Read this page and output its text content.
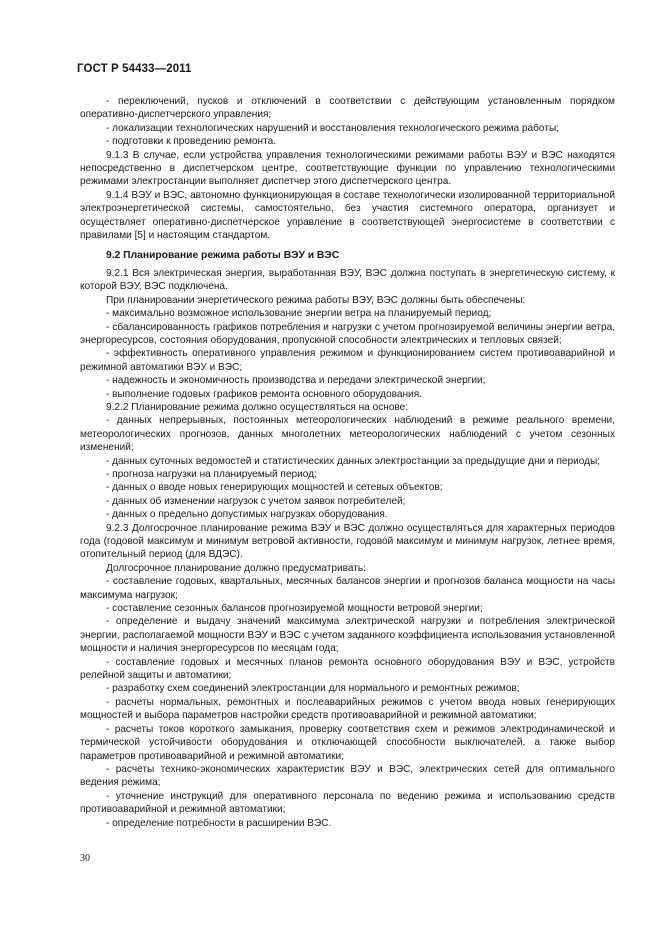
ГОСТ Р 54433—2011

- переключений, пусков и отключений в соответствии с действующим установленным порядком оперативно-диспетчерского управления;

- локализации технологических нарушений и восстановления технологического режима работы;

- подготовки к проведению ремонта.

9.1.3 В случае, если устройства управления технологическими режимами работы ВЭУ и ВЭС находятся непосредственно в диспетчерском центре, соответствующие функции по управлению технологическими режимами электростанции выполняет диспетчер этого диспетчерского центра.

9.1.4 ВЭУ и ВЭС, автономно функционирующая в составе технологически изолированной территориальной электроэнергетической системы, самостоятельно, без участия системного оператора, организует и осуществляет оперативно-диспетчерское управление в соответствующей энергосистеме в соответствии с правилами [5] и настоящим стандартом.

9.2 Планирование режима работы ВЭУ и ВЭС

9.2.1 Вся электрическая энергия, выработанная ВЭУ, ВЭС должна поступать в энергетическую систему, к которой ВЭУ, ВЭС подключена.

При планировании энергетического режима работы ВЭУ, ВЭС должны быть обеспечены:

- максимально возможное использование энергии ветра на планируемый период;

- сбалансированность графиков потребления и нагрузки с учетом прогнозируемой величины энергии ветра, энергоресурсов, состояния оборудования, пропускной способности электрических и тепловых связей;

- эффективность оперативного управления режимом и функционированием систем противоаварийной и режимной автоматики ВЭУ и ВЭС;

- надежность и экономичность производства и передачи электрической энергии;

- выполнение годовых графиков ремонта основного оборудования.

9.2.2 Планирование режима должно осуществляться на основе:

- данных непрерывных, постоянных метеорологических наблюдений в режиме реального времени, метеорологических прогнозов, данных многолетних метеорологических наблюдений с учетом сезонных изменений;

- данных суточных ведомостей и статистических данных электростанции за предыдущие дни и периоды;

- прогноза нагрузки на планируемый период;

- данных о вводе новых генерирующих мощностей и сетевых объектов;

- данных об изменении нагрузок с учетом заявок потребителей;

- данных о предельно допустимых нагрузках оборудования.

9.2.3 Долгосрочное планирование режима ВЭУ и ВЭС должно осуществляться для характерных периодов года (годовой максимум и минимум ветровой активности, годовой максимум и минимум нагрузок, летнее время, отопительный период (для ВДЭС).

Долгосрочное планирование должно предусматривать:

- составление годовых, квартальных, месячных балансов энергии и прогнозов баланса мощности на часы максимума нагрузок;

- составление сезонных балансов прогнозируемой мощности ветровой энергии;

- определение и выдачу значений максимума электрической нагрузки и потребления электрической энергии, располагаемой мощности ВЭУ и ВЭС с учетом заданного коэффициента использования установленной мощности и наличия энергоресурсов по месяцам года;

- составление годовых и месячных планов ремонта основного оборудования ВЭУ и ВЭС, устройств релейной защиты и автоматики;

- разработку схем соединений электростанции для нормального и ремонтных режимов;

- расчеты нормальных, ремонтных и послеаварийных режимов с учетом ввода новых генерирующих мощностей и выбора параметров настройки средств противоаварийной и режимной автоматики;

- расчеты токов короткого замыкания, проверку соответствия схем и режимов электродинамической и термической устойчивости оборудования и отключающей способности выключателей, а также выбор параметров противоаварийной и режимной автоматики;

- расчеты технико-экономических характеристик ВЭУ и ВЭС, электрических сетей для оптимального ведения режима;

- уточнение инструкций для оперативного персонала по ведению режима и использованию средств противоаварийной и режимной автоматики;

- определение потребности в расширении ВЭС.

30
